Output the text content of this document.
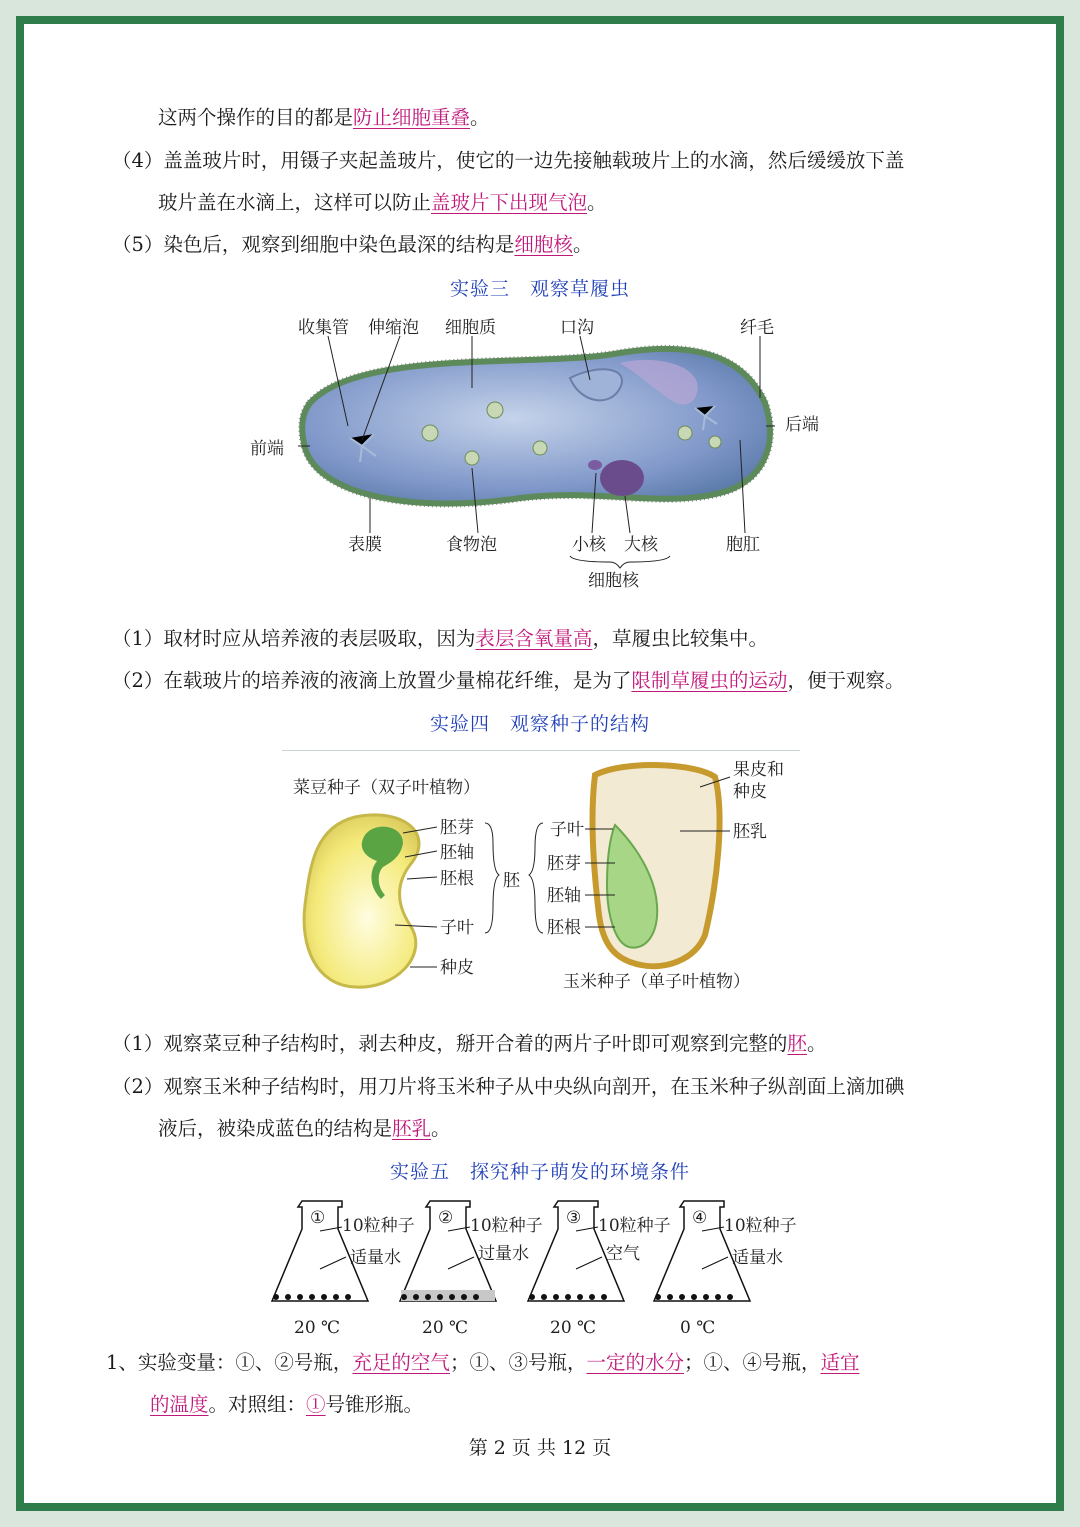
这两个操作的目的都是防止细胞重叠。
（4）盖盖玻片时，用镊子夹起盖玻片，使它的一边先接触载玻片上的水滴，然后缓缓放下盖
玻片盖在水滴上，这样可以防止盖玻片下出现气泡。
（5）染色后，观察到细胞中染色最深的结构是细胞核。
实验三　观察草履虫
收集管 伸缩泡 细胞质	口沟	纤毛
前端
后端
表膜	食物泡	小核 大核	胞肛
细胞核
（1）取材时应从培养液的表层吸取，因为表层含氧量高，草履虫比较集中。
（2）在载玻片的培养液的液滴上放置少量棉花纤维，是为了限制草履虫的运动，便于观察。
实验四　观察种子的结构
菜豆种子（双子叶植物）
胚芽
胚轴
胚根
子叶
种皮
胚
子叶
胚芽
胚轴
胚根
果皮和
种皮
胚乳
玉米种子（单子叶植物）
（1）观察菜豆种子结构时，剥去种皮，掰开合着的两片子叶即可观察到完整的胚。
（2）观察玉米种子结构时，用刀片将玉米种子从中央纵向剖开，在玉米种子纵剖面上滴加碘
液后，被染成蓝色的结构是胚乳。
实验五　探究种子萌发的环境条件
① 10粒种子
适量水
20 ℃
② 10粒种子
过量水
20 ℃
③ 10粒种子
空气
20 ℃
④ 10粒种子
适量水
0 ℃
1、实验变量：①、②号瓶，充足的空气；①、③号瓶，一定的水分；①、④号瓶，适宜
的温度。对照组：①号锥形瓶。
第 2 页 共 12 页
